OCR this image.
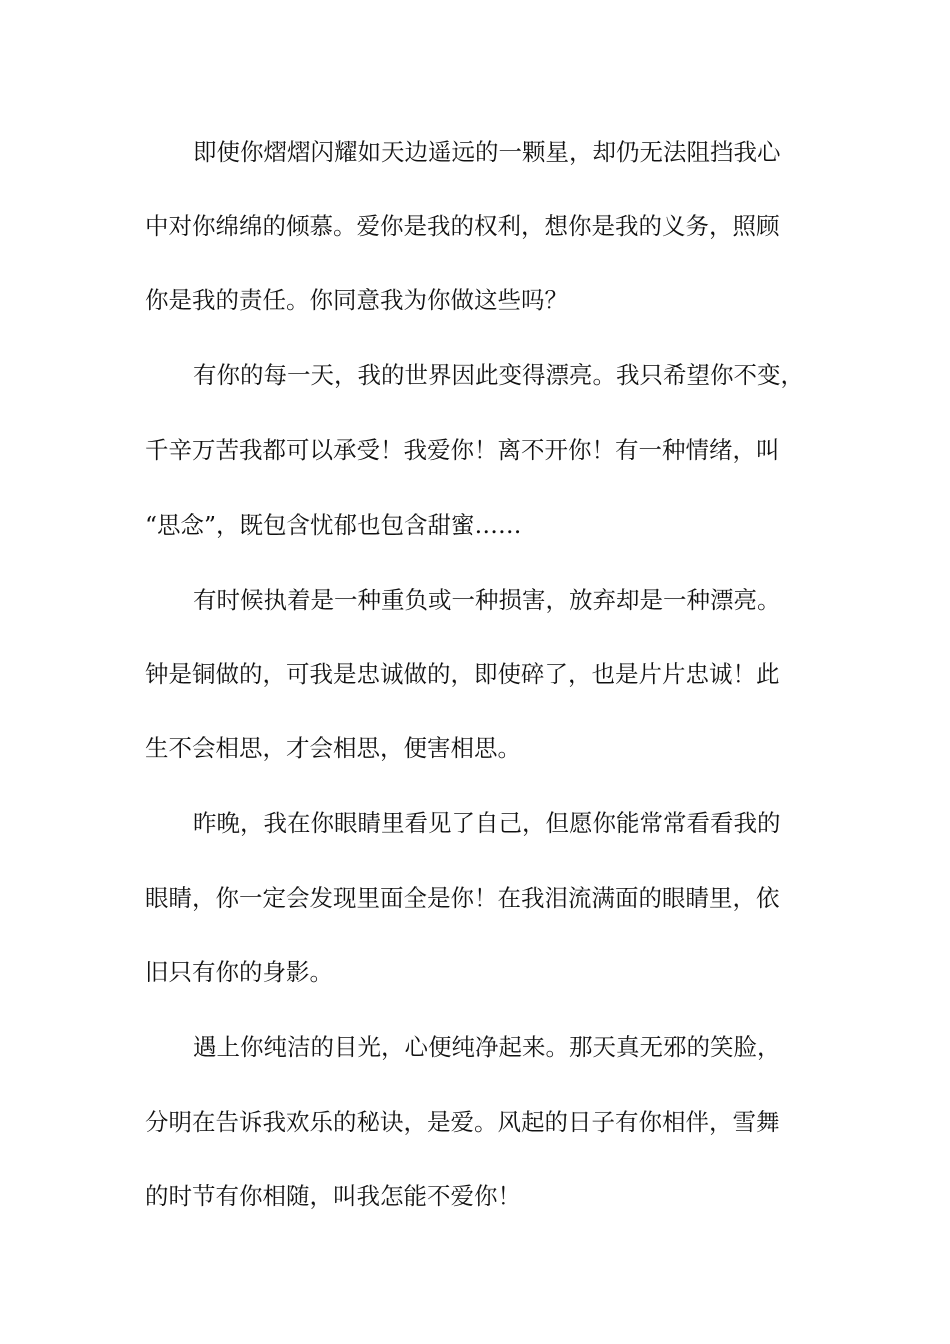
即使你熠熠闪耀如天边遥远的一颗星，却仍无法阻挡我心
中对你绵绵的倾慕。爱你是我的权利，想你是我的义务，照顾
你是我的责任。你同意我为你做这些吗？
有你的每一天，我的世界因此变得漂亮。我只希望你不变，
千辛万苦我都可以承受！我爱你！离不开你！有一种情绪，叫
“思念”，既包含忧郁也包含甜蜜……
有时候执着是一种重负或一种损害，放弃却是一种漂亮。
钟是铜做的，可我是忠诚做的，即使碎了，也是片片忠诚！此
生不会相思，才会相思，便害相思。
昨晚，我在你眼睛里看见了自己，但愿你能常常看看我的
眼睛，你一定会发现里面全是你！在我泪流满面的眼睛里，依
旧只有你的身影。
遇上你纯洁的目光，心便纯净起来。那天真无邪的笑脸，
分明在告诉我欢乐的秘诀，是爱。风起的日子有你相伴，雪舞
的时节有你相随，叫我怎能不爱你！
